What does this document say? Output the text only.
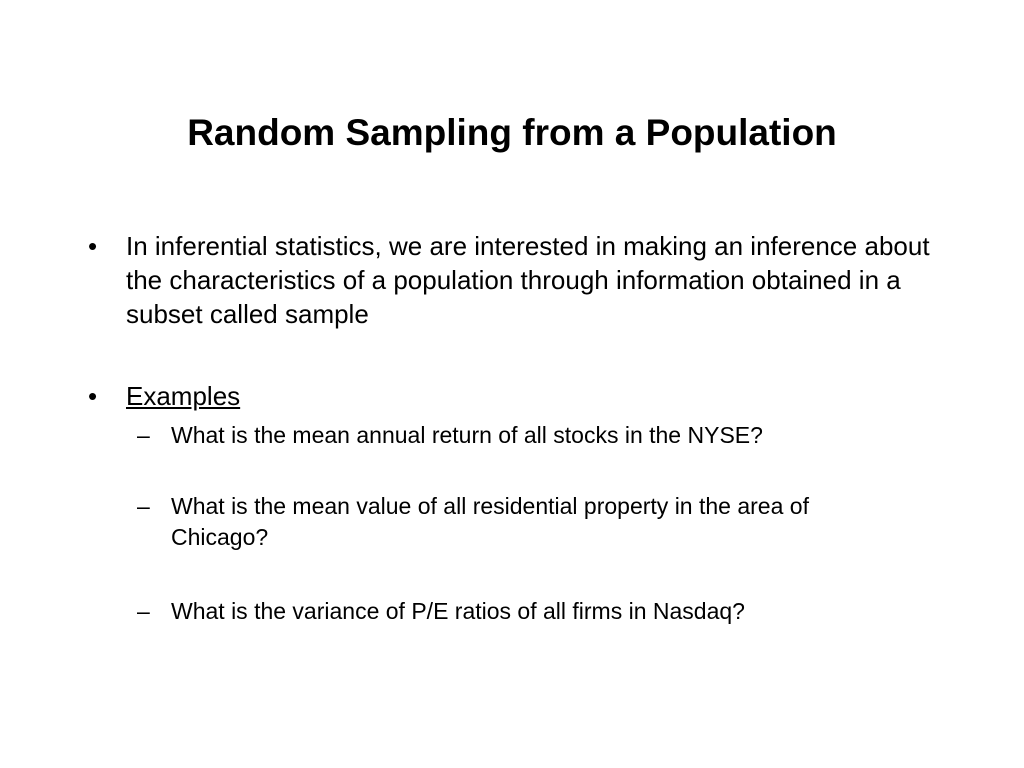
Random Sampling from a Population
• In inferential statistics, we are interested in making an inference about the characteristics of a population through information obtained in a subset called sample
• Examples
– What is the mean annual return of all stocks in the NYSE?
– What is the mean value of all residential property in the area of Chicago?
– What is the variance of P/E ratios of all firms in Nasdaq?
